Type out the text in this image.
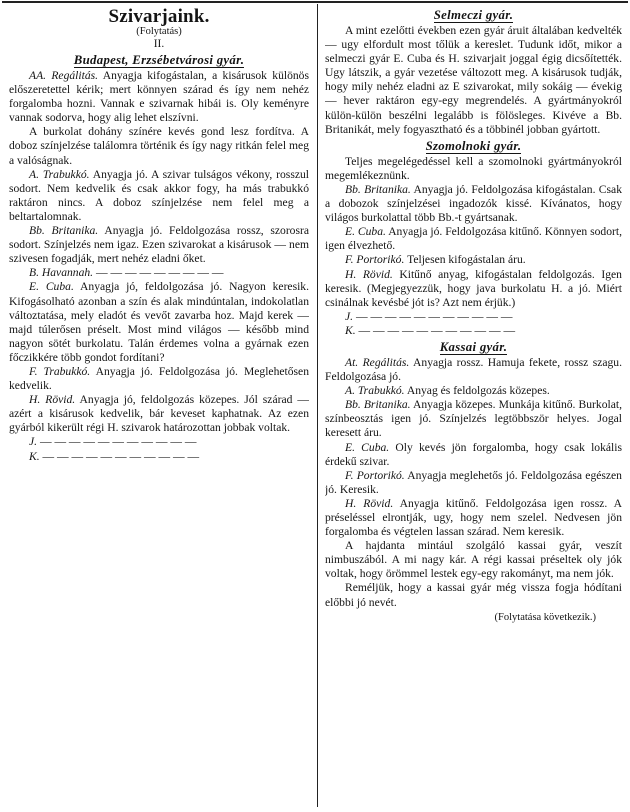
Szivarjaink.
(Folytatás)
II.
Budapest, Erzsébetvárosi gyár.

AA. Regálitás. Anyagja kifogástalan, a kisárusok különös előszeretettel kérik; mert könnyen szárad és így nem nehéz forgalomba hozni. Vannak e szivarnak hibái is. Oly keményre vannak sodorva, hogy alig lehet elszívni.

A burkolat dohány színére kevés gond lesz fordítva. A doboz színjelzése találomra történik és így nagy ritkán felel meg a valóságnak.

A. Trabukkó. Anyagja jó. A szivar tulságos vékony, rosszul sodort. Nem kedvelik és csak akkor fogy, ha más trabukkó raktáron nincs. A doboz színjelzése nem felel meg a beltartalomnak.

Bb. Britanika. Anyagja jó. Feldolgozása rossz, szorosra sodort. Színjelzés nem igaz. Ezen szivarokat a kisárusok — nem szivesen fogadják, mert nehéz eladni őket.

B. Havannah. — — — — — — — — —

E. Cuba. Anyagja jó, feldolgozása jó. Nagyon keresik. Kifogásolható azonban a szín és alak mindúntalan, indokolatlan változtatása, mely eladót és vevőt zavarba hoz. Majd kerek — majd túlerősen préselt. Most mind világos — később mind nagyon sötét burkolatu. Talán érdemes volna a gyárnak ezen főczikkére több gondot fordítani?

F. Trabukkó. Anyagja jó. Feldolgozása jó. Meglehetősen kedvelik.

H. Rövid. Anyagja jó, feldolgozás közepes. Jól szárad — azért a kisárusok kedvelik, bár keveset kaphatnak. Az ezen gyárból kikerült régi H. szivarok határozottan jobbak voltak.

J. — — — — — — — — — — —

K. — — — — — — — — — — —

Selmeczi gyár.

A mint ezelőtti években ezen gyár áruit általában kedvelték — ugy elfordult most tőlük a kereslet. Tudunk időt, mikor a selmeczi gyár E. Cuba és H. szivarjait joggal égig dicsőítették. Ugy látszik, a gyár vezetése változott meg. A kisárusok tudják, hogy mily nehéz eladni az E szivarokat, mily sokáig — évekig — hever raktáron egy-egy megrendelés. A gyártmányokról külön-külön beszélni legalább is fölösleges. Kivéve a Bb. Britanikát, mely fogyasztható és a többinél jobban gyártott.

Szomolnoki gyár.

Teljes megelégedéssel kell a szomolnoki gyártmányokról megemlékeznünk.

Bb. Britanika. Anyagja jó. Feldolgozása kifogástalan. Csak a dobozok színjelzései ingadozók kissé. Kívánatos, hogy világos burkolattal több Bb.-t gyártsanak.

E. Cuba. Anyagja jó. Feldolgozása kitűnő. Könnyen sodort, igen élvezhető.

F. Portorikó. Teljesen kifogástalan áru.

H. Rövid. Kitűnő anyag, kifogástalan feldolgozás. Igen keresik. (Megjegyezzük, hogy java burkolatu H. a jó. Miért csinálnak kevésbé jót is? Azt nem érjük.)

J. — — — — — — — — — — —

K. — — — — — — — — — — —

Kassai gyár.

At. Regálitás. Anyagja rossz. Hamuja fekete, rossz szagu. Feldolgozása jó.

A. Trabukkó. Anyag és feldolgozás közepes.

Bb. Britanika. Anyagja közepes. Munkája kitűnő. Burkolat, színbeosztás igen jó. Színjelzés legtöbbször helyes. Jogal keresett áru.

E. Cuba. Oly kevés jön forgalomba, hogy csak lokális érdekű szivar.

F. Portorikó. Anyagja meglehetős jó. Feldolgozása egészen jó. Keresik.

H. Rövid. Anyagja kitűnő. Feldolgozása igen rossz. A préseléssel elrontják, ugy, hogy nem szelel. Nedvesen jön forgalomba és végtelen lassan szárad. Nem keresik.

A hajdanta mintául szolgáló kassai gyár, veszít nimbuszából. A mi nagy kár. A régi kassai préseltek oly jók voltak, hogy örömmel lestek egy-egy rakományt, ma nem jók.

Reméljük, hogy a kassai gyár még vissza fogja hódítani előbbi jó nevét.

(Folytatása következik.)
